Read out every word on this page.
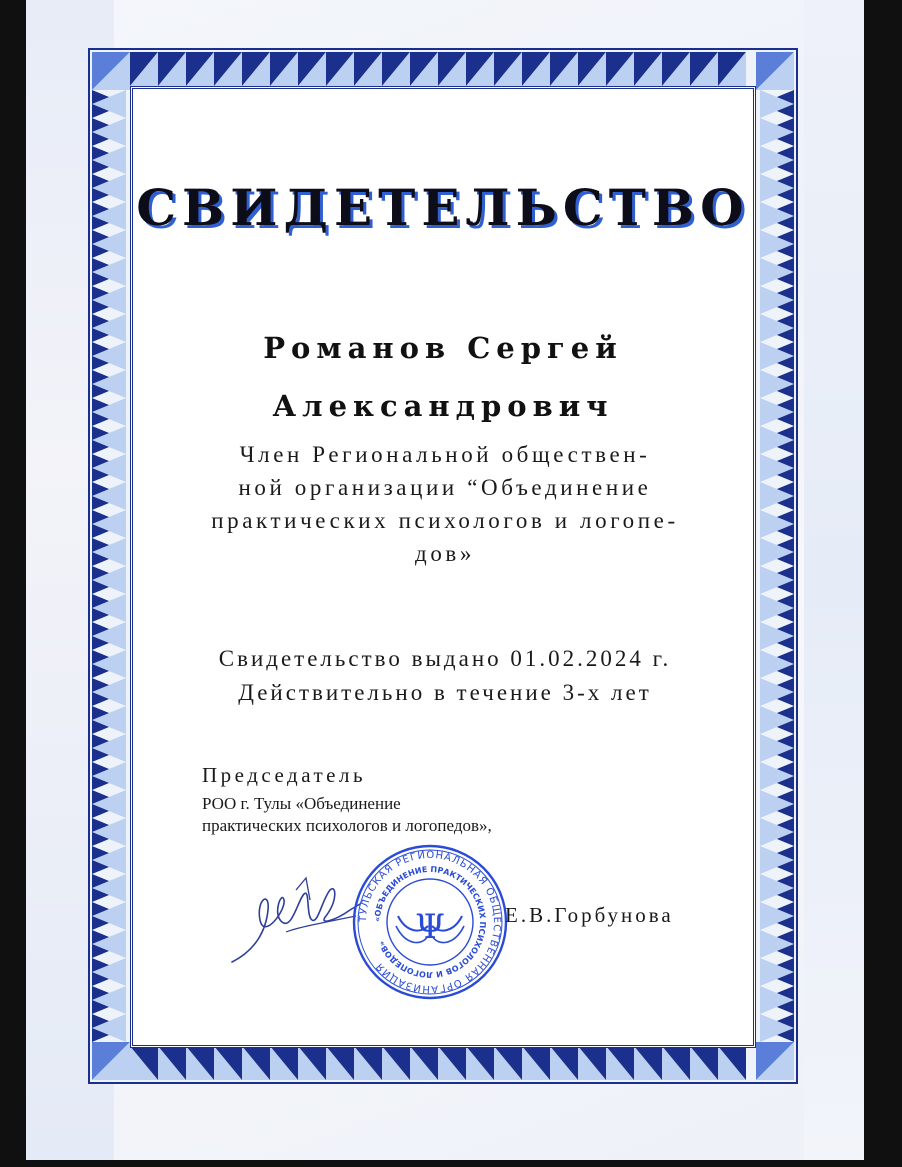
СВИДЕТЕЛЬСТВО
Романов Сергей
Александрович
Член Региональной обществен-
ной организации “Объединение
практических психологов и логопе-
дов»
Свидетельство выдано 01.02.2024 г.
Действительно в течение 3-х лет
Председатель
РОО г. Тулы «Объединение
практических психологов и логопедов»,
ТУЛЬСКАЯ РЕГИОНАЛЬНАЯ ОБЩЕСТВЕННАЯ ОРГАНИЗАЦИЯ
«ОБЪЕДИНЕНИЕ ПРАКТИЧЕСКИХ ПСИХОЛОГОВ И ЛОГОПЕДОВ» Ψ	Е.В.Горбунова
